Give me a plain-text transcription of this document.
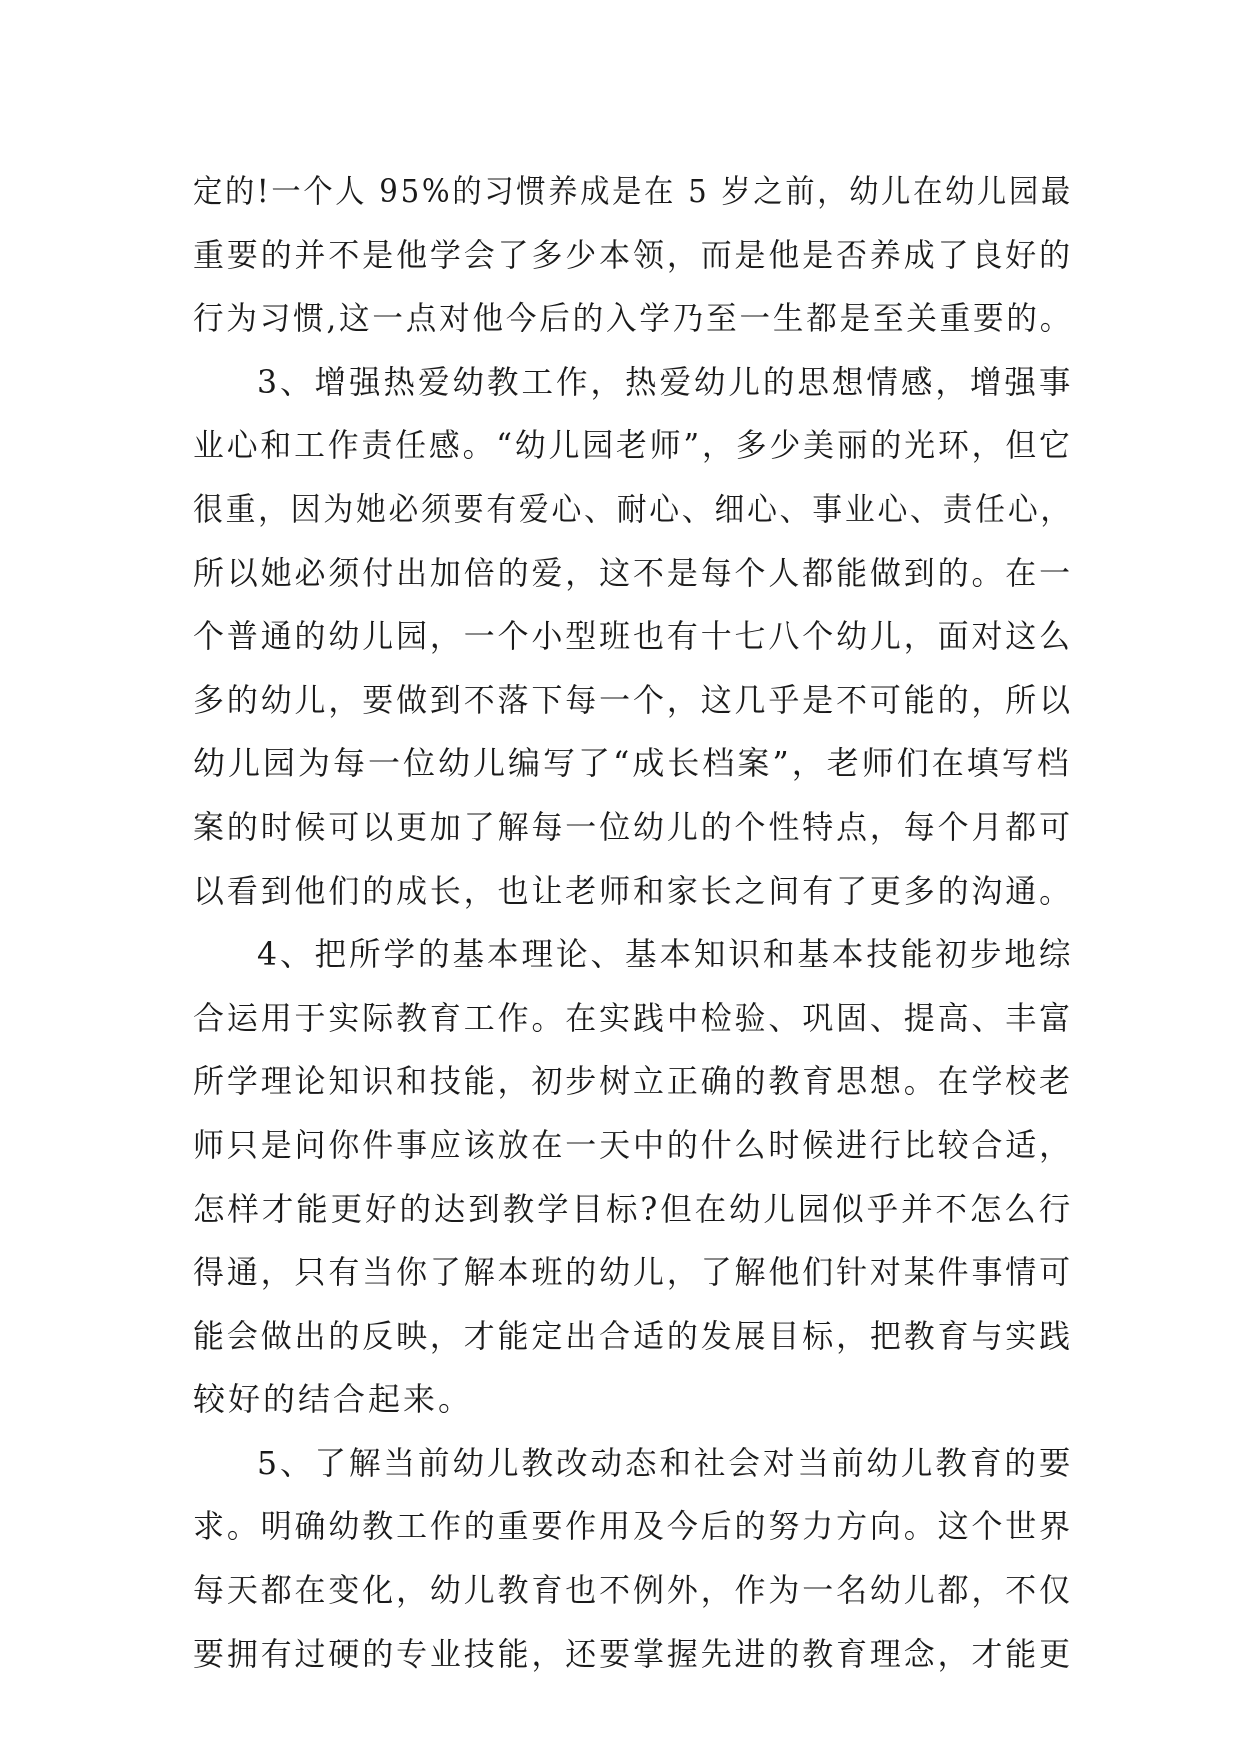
定的!一个人 95%的习惯养成是在 5 岁之前，幼儿在幼儿园最
重要的并不是他学会了多少本领，而是他是否养成了良好的
行为习惯,这一点对他今后的入学乃至一生都是至关重要的。
3、增强热爱幼教工作，热爱幼儿的思想情感，增强事
业心和工作责任感。“幼儿园老师”，多少美丽的光环，但它
很重，因为她必须要有爱心、耐心、细心、事业心、责任心，
所以她必须付出加倍的爱，这不是每个人都能做到的。在一
个普通的幼儿园，一个小型班也有十七八个幼儿，面对这么
多的幼儿，要做到不落下每一个，这几乎是不可能的，所以
幼儿园为每一位幼儿编写了“成长档案”，老师们在填写档
案的时候可以更加了解每一位幼儿的个性特点，每个月都可
以看到他们的成长，也让老师和家长之间有了更多的沟通。
4、把所学的基本理论、基本知识和基本技能初步地综
合运用于实际教育工作。在实践中检验、巩固、提高、丰富
所学理论知识和技能，初步树立正确的教育思想。在学校老
师只是问你件事应该放在一天中的什么时候进行比较合适，
怎样才能更好的达到教学目标?但在幼儿园似乎并不怎么行
得通，只有当你了解本班的幼儿，了解他们针对某件事情可
能会做出的反映，才能定出合适的发展目标，把教育与实践
较好的结合起来。
5、了解当前幼儿教改动态和社会对当前幼儿教育的要
求。明确幼教工作的重要作用及今后的努力方向。这个世界
每天都在变化，幼儿教育也不例外，作为一名幼儿都，不仅
要拥有过硬的专业技能，还要掌握先进的教育理念，才能更
